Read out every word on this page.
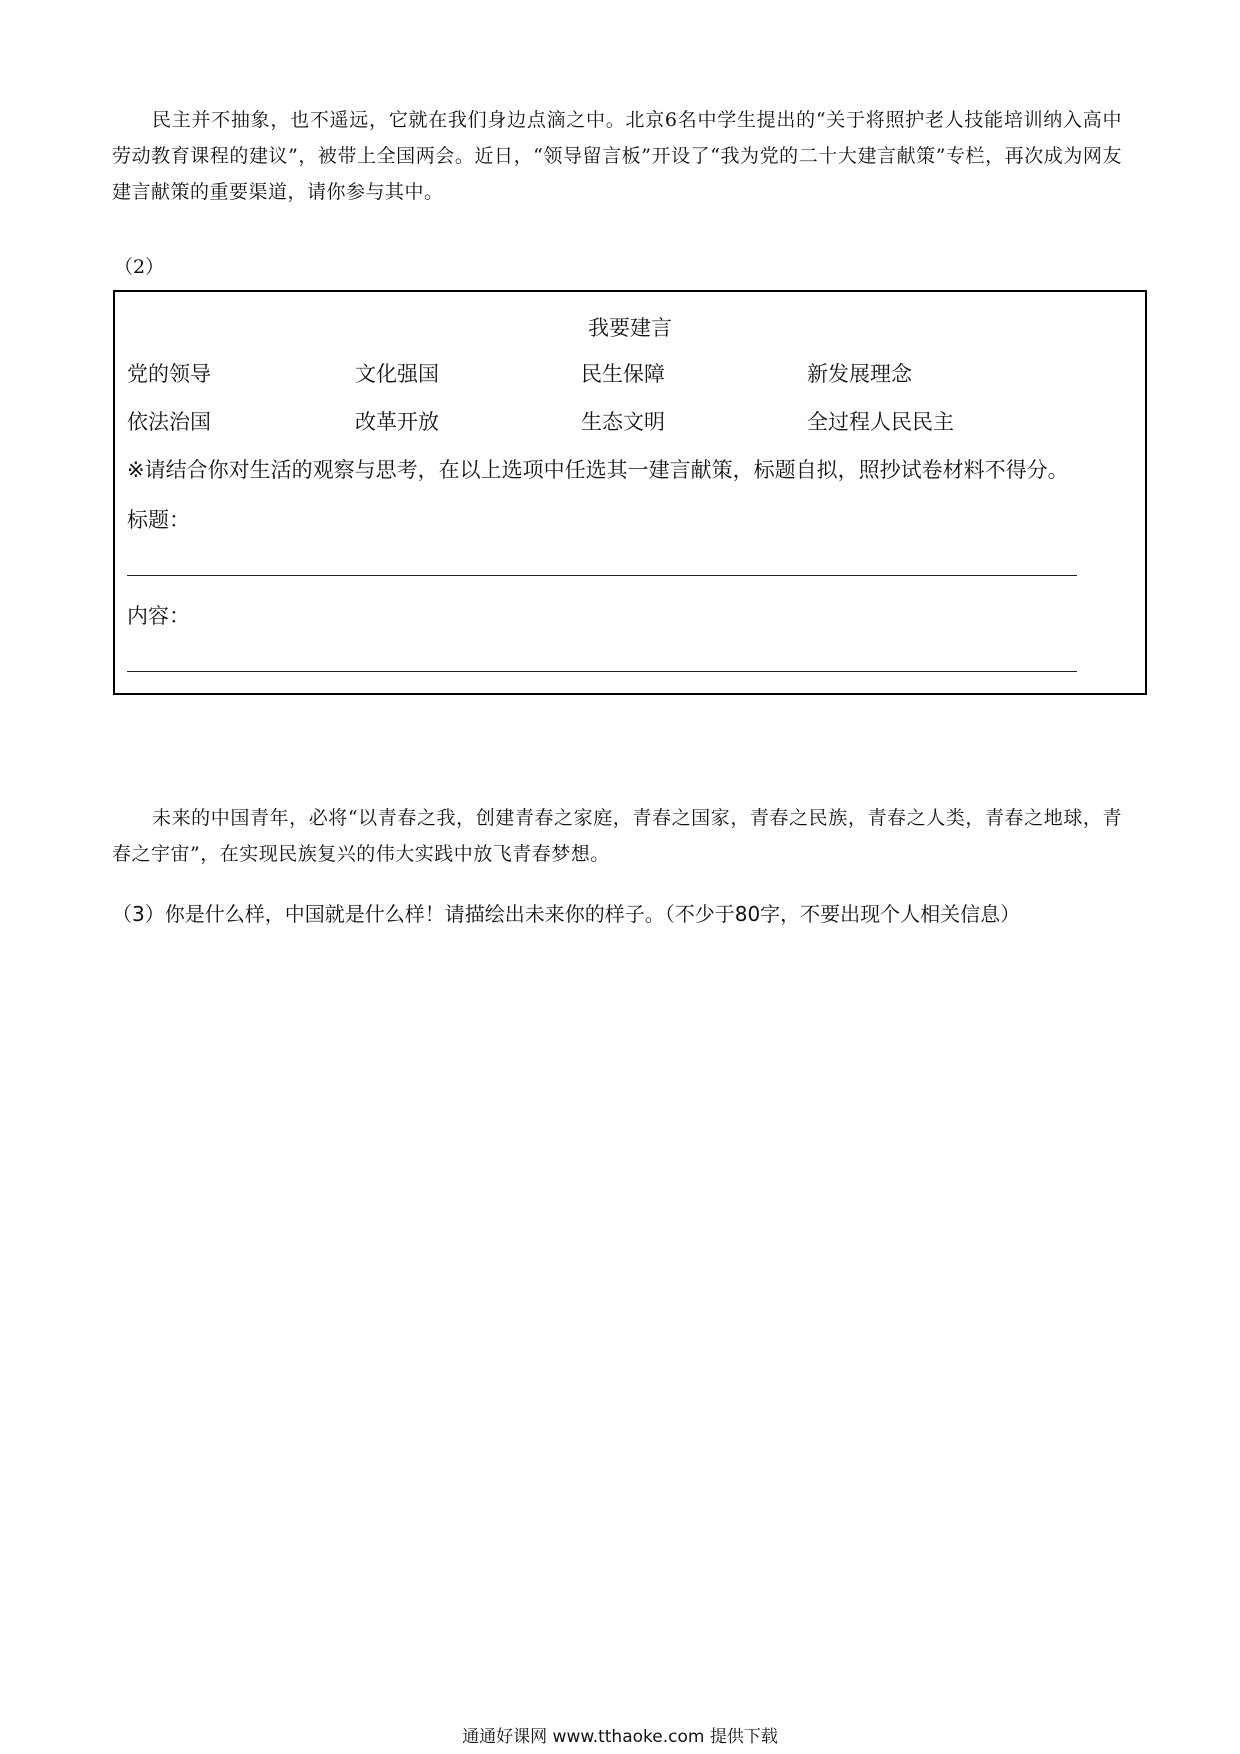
民主并不抽象，也不遥远，它就在我们身边点滴之中。北京6名中学生提出的“关于将照护老人技能培训纳入高中劳动教育课程的建议”，被带上全国两会。近日，“领导留言板”开设了“我为党的二十大建言献策”专栏，再次成为网友建言献策的重要渠道，请你参与其中。

（2）
我要建言
党的领导	文化强国	民生保障	新发展理念
依法治国	改革开放	生态文明	全过程人民民主
※请结合你对生活的观察与思考，在以上选项中任选其一建言献策，标题自拟，照抄试卷材料不得分。
标题：
内容：

未来的中国青年，必将“以青春之我，创建青春之家庭，青春之国家，青春之民族，青春之人类，青春之地球，青春之宇宙”，在实现民族复兴的伟大实践中放飞青春梦想。

（3）你是什么样，中国就是什么样！请描绘出未来你的样子。（不少于80字，不要出现个人相关信息）
通通好课网 www.tthaoke.com 提供下载
